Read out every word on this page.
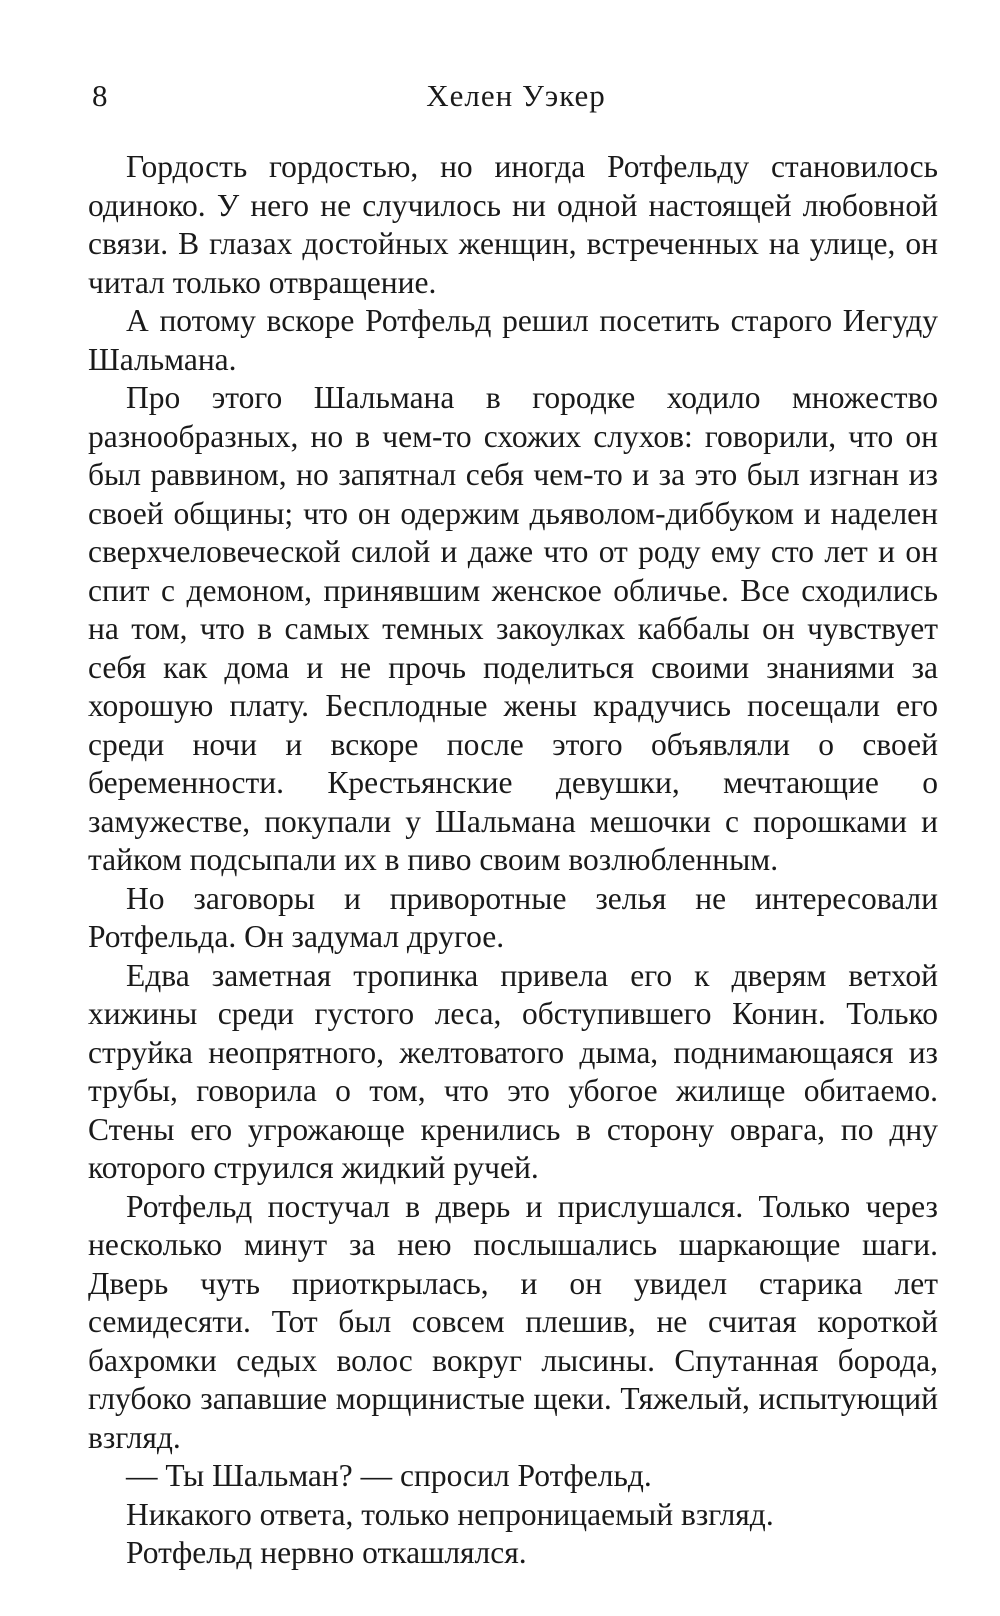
8	Хелен Уэкер

Гордость гордостью, но иногда Ротфельду становилось одиноко. У него не случилось ни одной настоящей любовной связи. В глазах достойных женщин, встреченных на улице, он читал только отвращение.

А потому вскоре Ротфельд решил посетить старого Иегуду Шальмана.

Про этого Шальмана в городке ходило множество разнообразных, но в чем-то схожих слухов: говорили, что он был раввином, но запятнал себя чем-то и за это был изгнан из своей общины; что он одержим дьяволом-диббуком и наделен сверхчеловеческой силой и даже что от роду ему сто лет и он спит с демоном, принявшим женское обличье. Все сходились на том, что в самых темных закоулках каббалы он чувствует себя как дома и не прочь поделиться своими знаниями за хорошую плату. Бесплодные жены крадучись посещали его среди ночи и вскоре после этого объявляли о своей беременности. Крестьянские девушки, мечтающие о замужестве, покупали у Шальмана мешочки с порошками и тайком подсыпали их в пиво своим возлюбленным.

Но заговоры и приворотные зелья не интересовали Ротфельда. Он задумал другое.

Едва заметная тропинка привела его к дверям ветхой хижины среди густого леса, обступившего Конин. Только струйка неопрятного, желтоватого дыма, поднимающаяся из трубы, говорила о том, что это убогое жилище обитаемо. Стены его угрожающе кренились в сторону оврага, по дну которого струился жидкий ручей.

Ротфельд постучал в дверь и прислушался. Только через несколько минут за нею послышались шаркающие шаги. Дверь чуть приоткрылась, и он увидел старика лет семидесяти. Тот был совсем плешив, не считая короткой бахромки седых волос вокруг лысины. Спутанная борода, глубоко запавшие морщинистые щеки. Тяжелый, испытующий взгляд.

— Ты Шальман? — спросил Ротфельд.

Никакого ответа, только непроницаемый взгляд.

Ротфельд нервно откашлялся.
